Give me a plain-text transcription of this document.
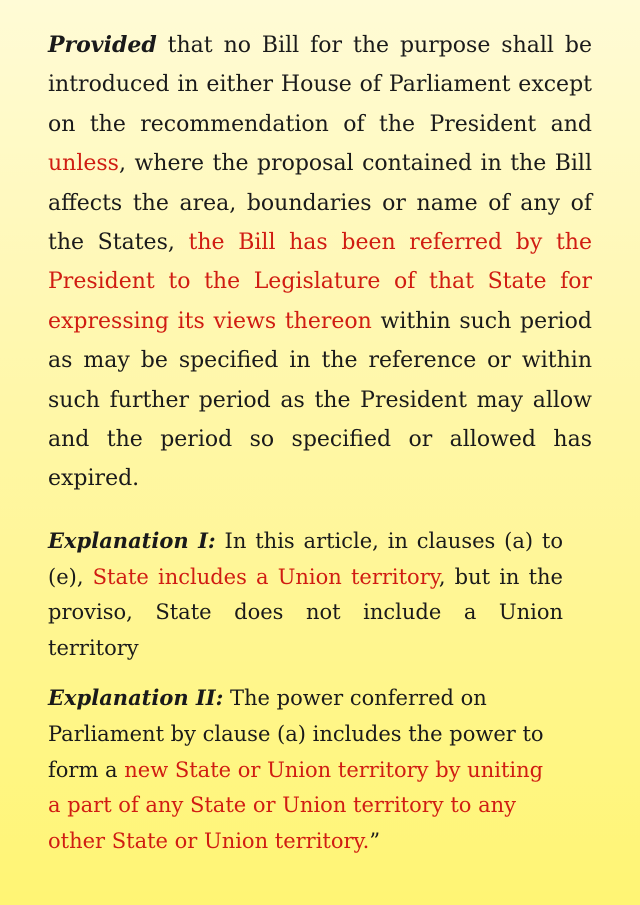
Provided that no Bill for the purpose shall be introduced in either House of Parliament except on the recommendation of the President and unless, where the proposal contained in the Bill affects the area, boundaries or name of any of the States, the Bill has been referred by the President to the Legislature of that State for expressing its views thereon within such period as may be specified in the reference or within such further period as the President may allow and the period so specified or allowed has expired.

Explanation I: In this article, in clauses (a) to (e), State includes a Union territory, but in the proviso, State does not include a Union territory

Explanation II: The power conferred on Parliament by clause (a) includes the power to form a new State or Union territory by uniting a part of any State or Union territory to any other State or Union territory.”
